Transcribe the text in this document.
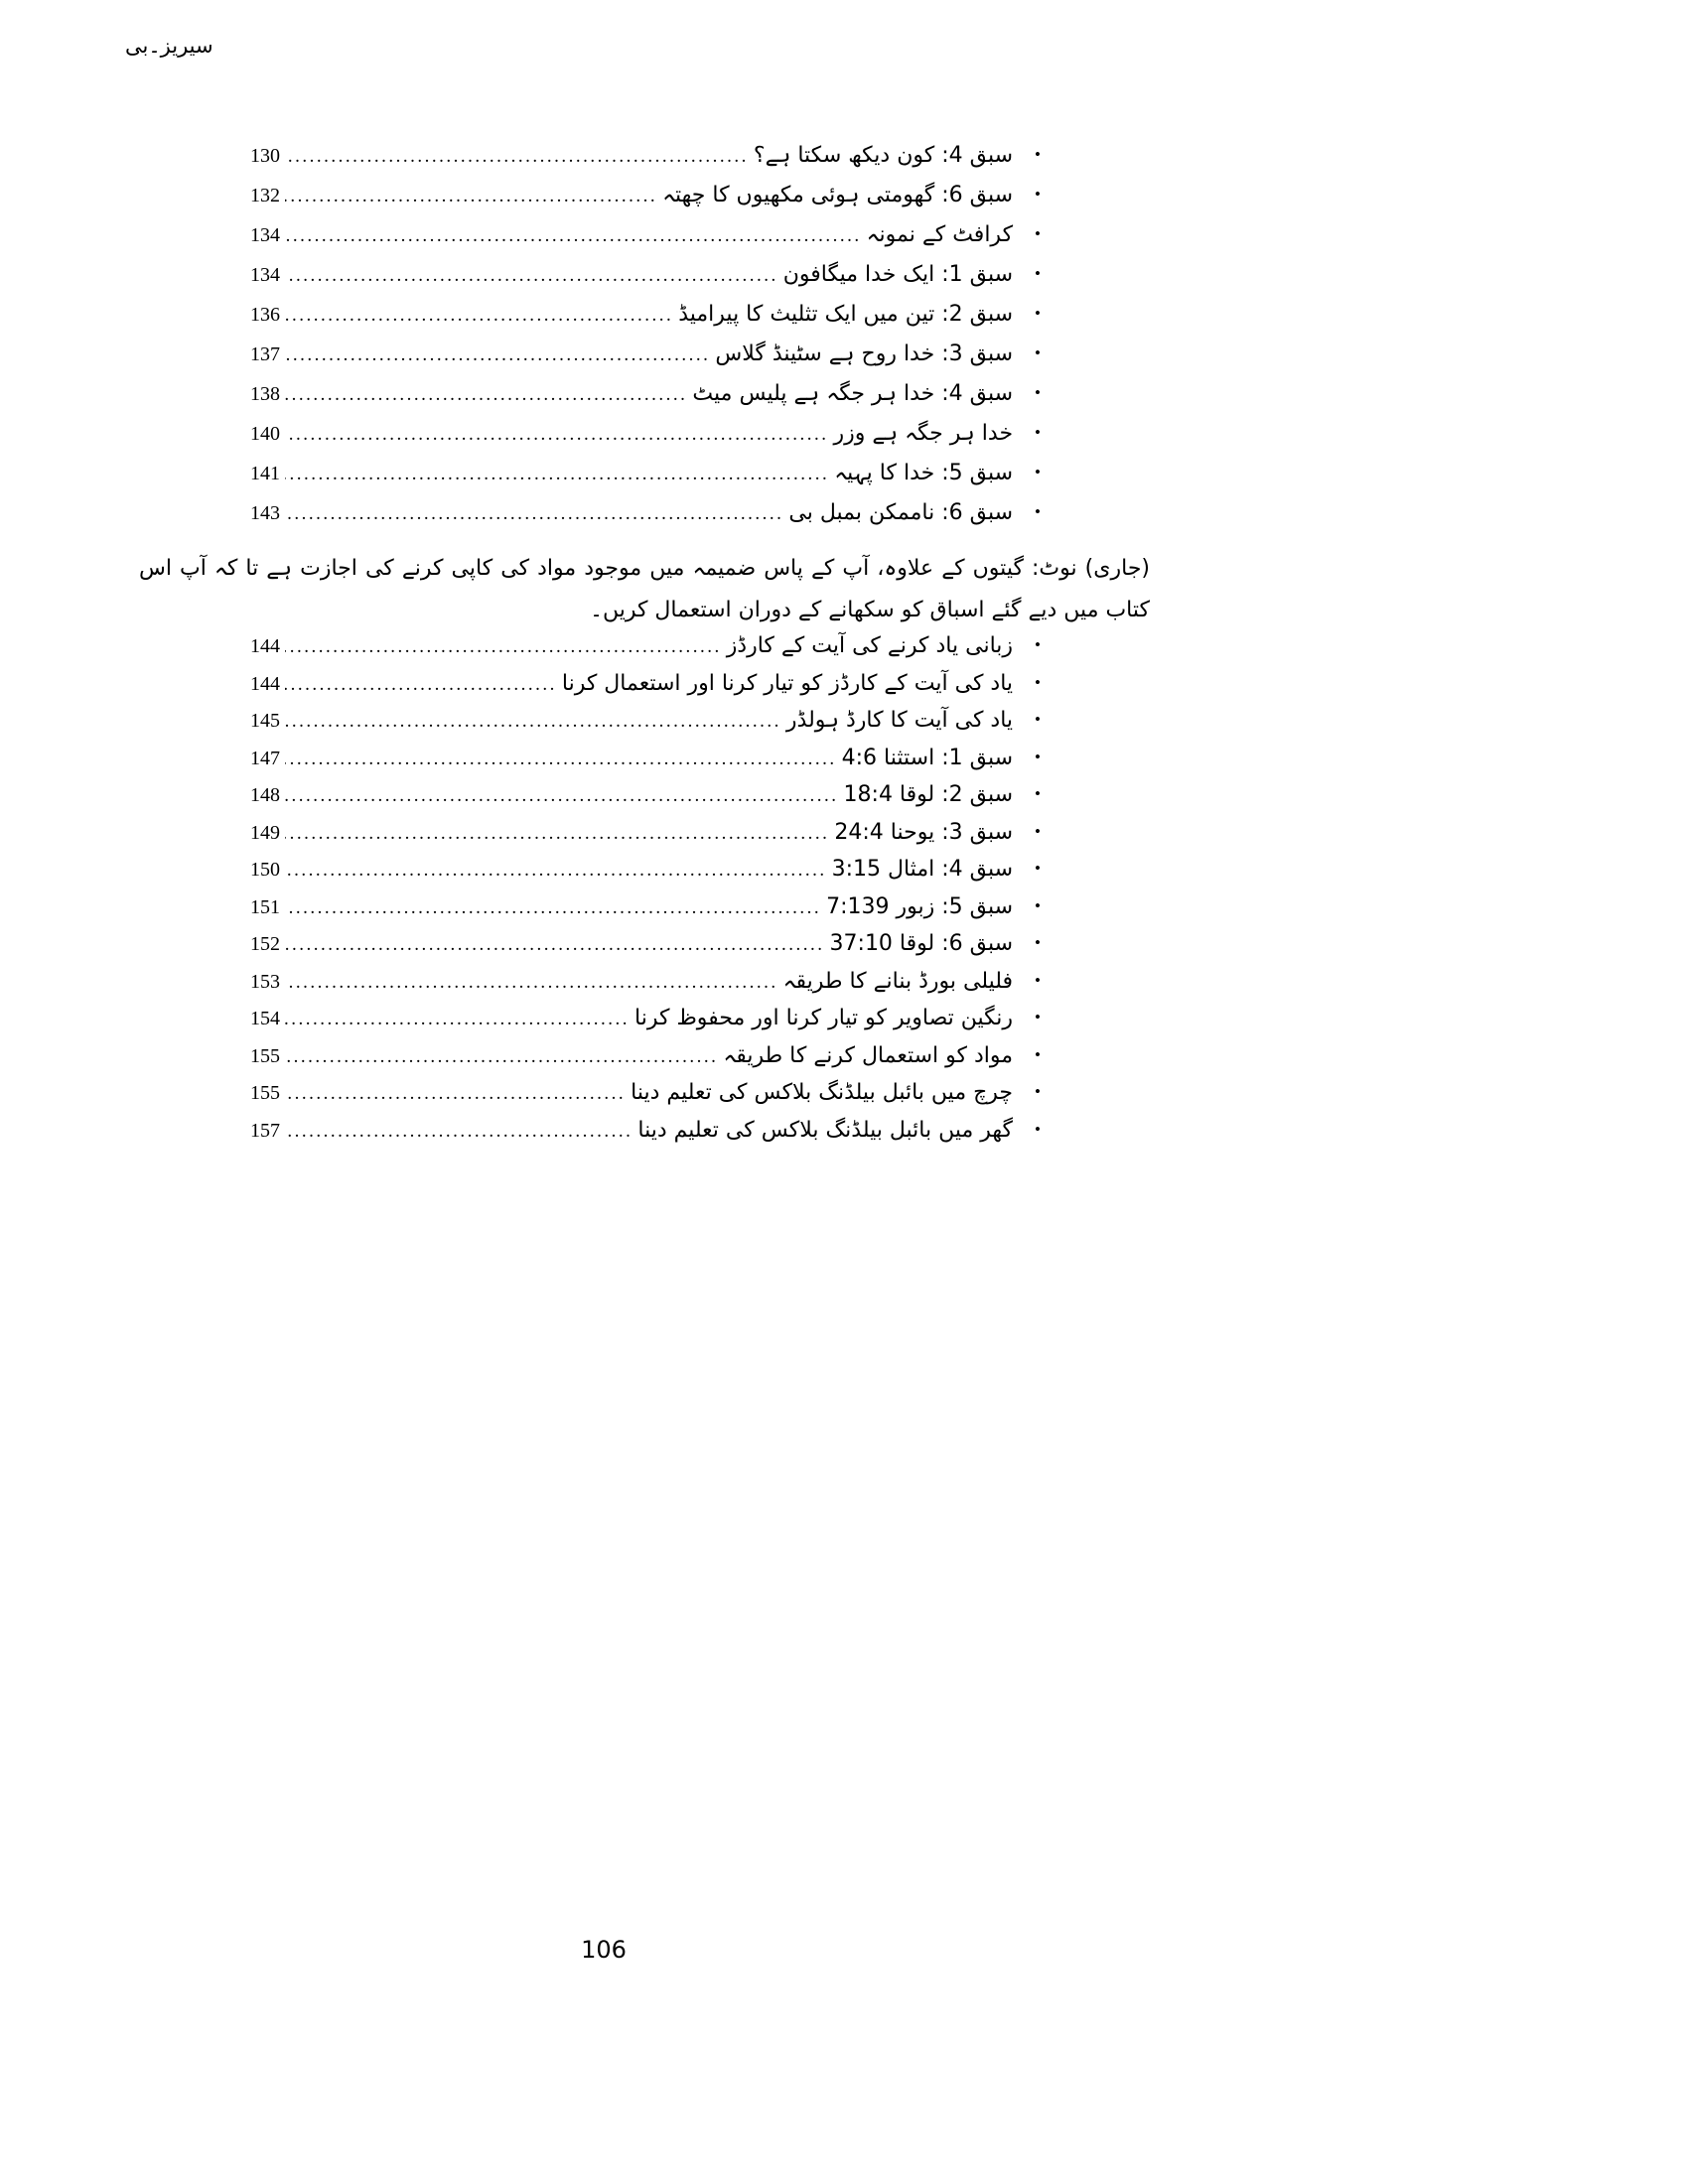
سیریز۔بی
•
سبق 4: کون دیکھ سکتا ہے؟
.....
130
•
سبق 6: گھومتی ہوئی مکھیوں کا چھتہ
.....
132
•
کرافٹ کے نمونہ
.....
134
•
سبق 1: ایک خدا میگافون
.....
134
•
سبق 2: تین میں ایک تثلیث کا پیرامیڈ
.....
136
•
سبق 3: خدا روح ہے سٹینڈ گلاس
.....
137
•
سبق 4: خدا ہر جگہ ہے پلیس میٹ
.....
138
•
خدا ہر جگہ ہے وزر
.....
140
•
سبق 5: خدا کا پہیہ
.....
141
•
سبق 6: ناممکن بمبل بی
.....
143
(جاری) نوٹ: گیتوں کے علاوہ، آپ کے پاس ضمیمہ میں موجود مواد کی کاپی کرنے کی اجازت ہے تا کہ آپ اس کتاب میں دیے گئے اسباق کو سکھانے کے دوران استعمال کریں۔
•
زبانی یاد کرنے کی آیت کے کارڈز
.....
144
•
یاد کی آیت کے کارڈز کو تیار کرنا اور استعمال کرنا
.....
144
•
یاد کی آیت کا کارڈ ہولڈر
.....
145
•
سبق 1: استثنا 4:6
.....
147
•
سبق 2: لوقا 18:4
.....
148
•
سبق 3: یوحنا 24:4
.....
149
•
سبق 4: امثال 3:15
.....
150
•
سبق 5: زبور 7:139
.....
151
•
سبق 6: لوقا 37:10
.....
152
•
فلیلی بورڈ بنانے کا طریقہ
.....
153
•
رنگین تصاویر کو تیار کرنا اور محفوظ کرنا
.....
154
•
مواد کو استعمال کرنے کا طریقہ
.....
155
•
چرچ میں بائبل بیلڈنگ بلاکس کی تعلیم دینا
.....
155
•
گھر میں بائبل بیلڈنگ بلاکس کی تعلیم دینا
.....
157
106
